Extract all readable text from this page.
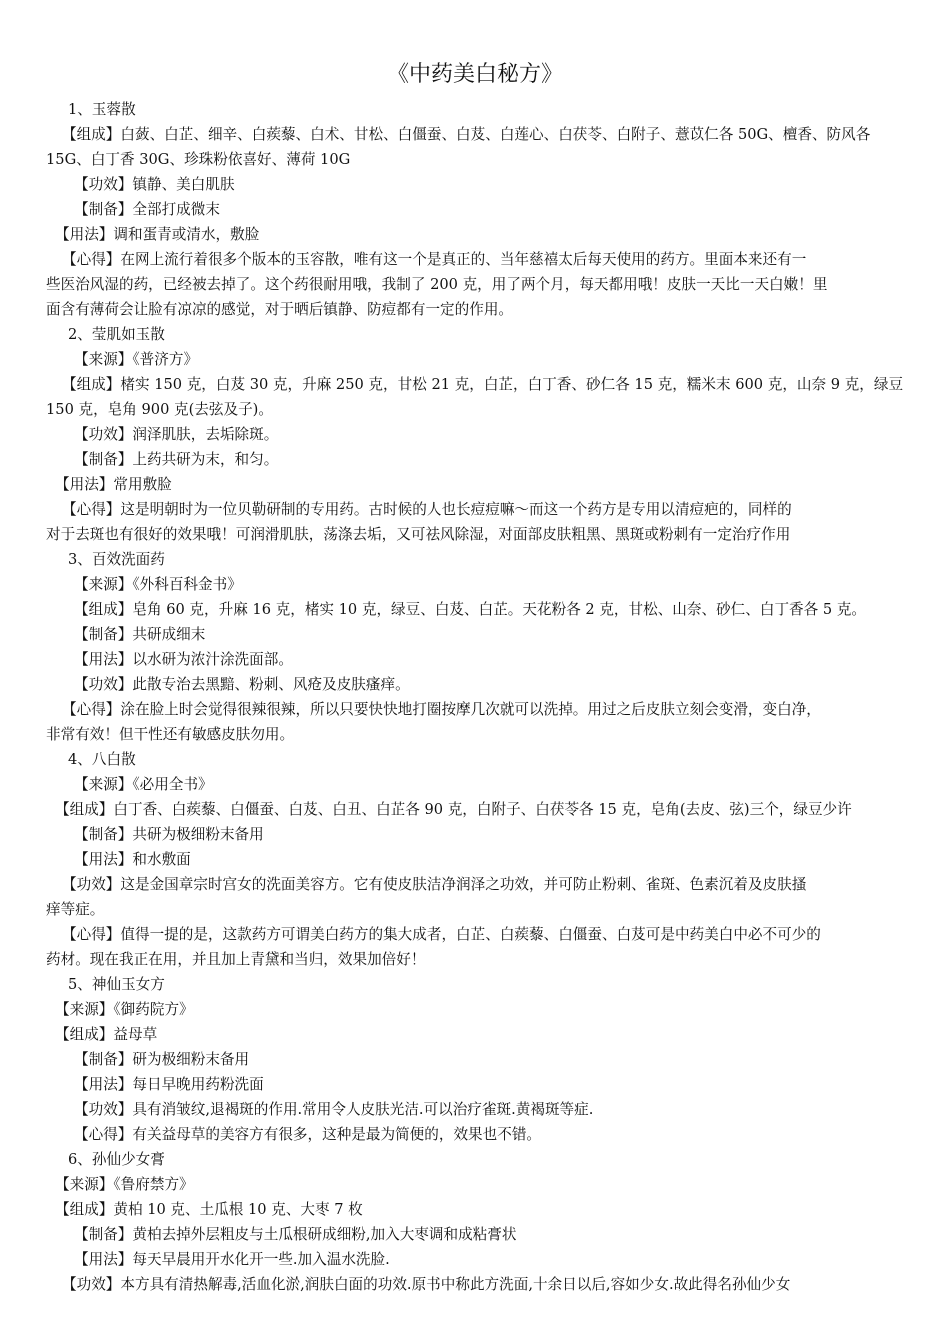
《中药美白秘方》

1、玉蓉散

【组成】白蔹、白芷、细辛、白蒺藜、白术、甘松、白僵蚕、白芨、白莲心、白茯苓、白附子、薏苡仁各 50G、檀香、防风各

15G、白丁香 30G、珍珠粉依喜好、薄荷 10G

【功效】镇静、美白肌肤

【制备】全部打成微末

【用法】调和蛋青或清水，敷脸

【心得】在网上流行着很多个版本的玉容散，唯有这一个是真正的、当年慈禧太后每天使用的药方。里面本来还有一

些医治风湿的药，已经被去掉了。这个药很耐用哦，我制了 200 克，用了两个月，每天都用哦！皮肤一天比一天白嫩！里

面含有薄荷会让脸有凉凉的感觉，对于晒后镇静、防痘都有一定的作用。

2、莹肌如玉散

【来源】《普济方》

【组成】楮实 150 克，白芨 30 克，升麻 250 克，甘松 21 克，白芷，白丁香、砂仁各 15 克，糯米末 600 克，山奈 9 克，绿豆

150 克，皂角 900 克(去弦及子)。

【功效】润泽肌肤，去垢除斑。

【制备】上药共研为末，和匀。

【用法】常用敷脸

【心得】这是明朝时为一位贝勒研制的专用药。古时候的人也长痘痘嘛～而这一个药方是专用以清痘疤的，同样的

对于去斑也有很好的效果哦！可润滑肌肤，荡涤去垢，又可祛风除湿，对面部皮肤粗黑、黑斑或粉刺有一定治疗作用

3、百效洗面药

【来源】《外科百科金书》

【组成】皂角 60 克，升麻 16 克，楮实 10 克，绿豆、白芨、白芷。天花粉各 2 克，甘松、山奈、砂仁、白丁香各 5 克。

【制备】共研成细末

【用法】以水研为浓汁涂洗面部。

【功效】此散专治去黑黯、粉刺、风疮及皮肤瘙痒。

【心得】涂在脸上时会觉得很辣很辣，所以只要快快地打圈按摩几次就可以洗掉。用过之后皮肤立刻会变滑，变白净，

非常有效！但干性还有敏感皮肤勿用。

4、八白散

【来源】《必用全书》

【组成】白丁香、白蒺藜、白僵蚕、白芨、白丑、白芷各 90 克，白附子、白茯苓各 15 克，皂角(去皮、弦)三个，绿豆少许

【制备】共研为极细粉末备用

【用法】和水敷面

【功效】这是金国章宗时宫女的洗面美容方。它有使皮肤洁净润泽之功效，并可防止粉刺、雀斑、色素沉着及皮肤搔

痒等症。

【心得】值得一提的是，这款药方可谓美白药方的集大成者，白芷、白蒺藜、白僵蚕、白芨可是中药美白中必不可少的

药材。现在我正在用，并且加上青黛和当归，效果加倍好！

5、神仙玉女方

【来源】《御药院方》

【组成】益母草

【制备】研为极细粉末备用

【用法】每日早晚用药粉洗面

【功效】具有消皱纹,退褐斑的作用.常用令人皮肤光洁.可以治疗雀斑.黄褐斑等症.

【心得】有关益母草的美容方有很多，这种是最为简便的，效果也不错。

6、孙仙少女膏

【来源】《鲁府禁方》

【组成】黄柏 10 克、土瓜根 10 克、大枣 7 枚

【制备】黄柏去掉外层粗皮与土瓜根研成细粉,加入大枣调和成粘膏状

【用法】每天早晨用开水化开一些.加入温水洗脸.

【功效】本方具有清热解毒,活血化淤,润肤白面的功效.原书中称此方洗面,十余日以后,容如少女.故此得名孙仙少女
